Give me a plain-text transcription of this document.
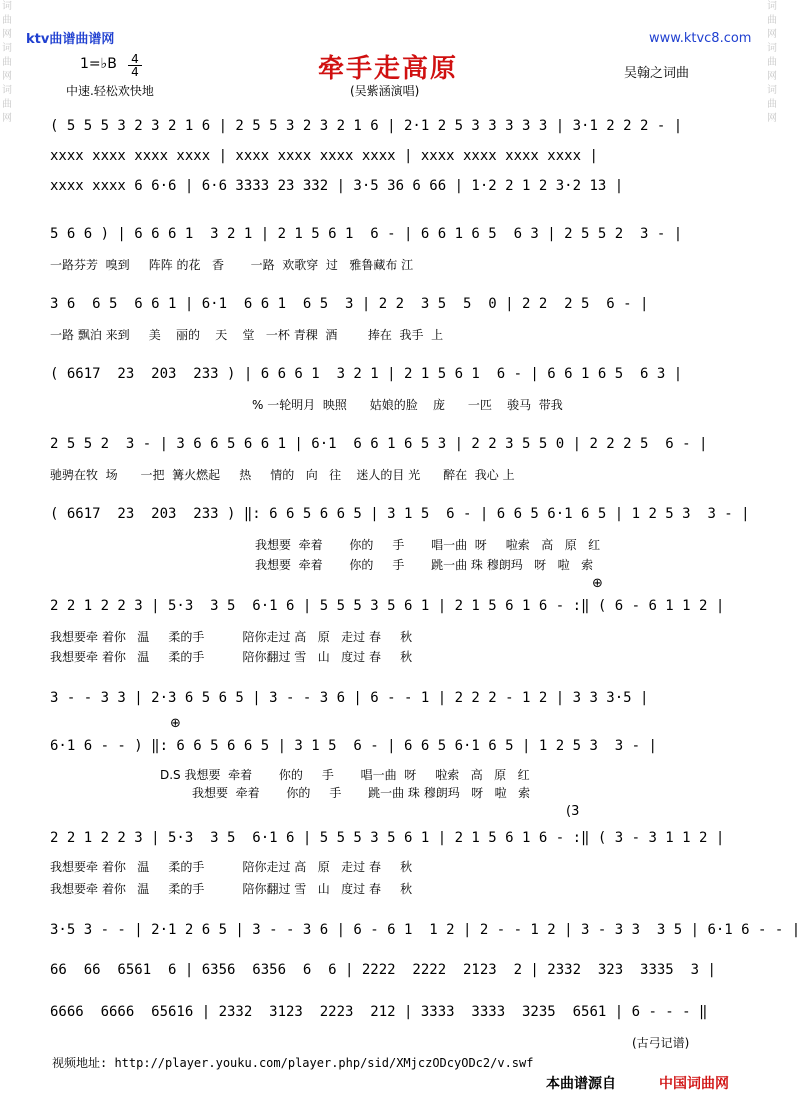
词曲网
词曲网
词曲网
词曲网
词曲网
词曲网
ktv曲谱曲谱网	www.ktvc8.com
牵手走高原
(吴紫涵演唱)
吴翰之词曲
1=♭B 4
4
中速.轻松欢快地
( 5 5 5 3 2 3 2 1 6 | 2 5 5 3 2 3 2 1 6 | 2·1 2 5 3 3 3 3 3 | 3·1 2 2 2 - |
xxxx xxxx xxxx xxxx | xxxx xxxx xxxx xxxx | xxxx xxxx xxxx xxxx |
xxxx xxxx 6 6·6 | 6·6 3333 23 332 | 3·5 36 6 66 | 1·2 2 1 2 3·2 13 |
5 6 6 ) | 6 6 6 1  3 2 1 | 2 1 5 6 1  6 - | 6 6 1 6 5  6 3 | 2 5 5 2  3 - |
3 6  6 5  6 6 1 | 6·1  6 6 1  6 5  3 | 2 2  3 5  5  0 | 2 2  2 5  6 - |
( 6617  23  203  233 ) | 6 6 6 1  3 2 1 | 2 1 5 6 1  6 - | 6 6 1 6 5  6 3 |
2 5 5 2  3 - | 3 6 6 5 6 6 1 | 6·1  6 6 1 6 5 3 | 2 2 3 5 5 0 | 2 2 2 5  6 - |
( 6617  23  203  233 ) ‖: 6 6 5 6 6 5 | 3 1 5  6 - | 6 6 5 6·1 6 5 | 1 2 5 3  3 - |
2 2 1 2 2 3 | 5·3  3 5  6·1 6 | 5 5 5 3 5 6 1 | 2 1 5 6 1 6 - :‖ ( 6 - 6 1 1 2 |
3 - - 3 3 | 2·3 6 5 6 5 | 3 - - 3 6 | 6 - - 1 | 2 2 2 - 1 2 | 3 3 3·5 |
6·1 6 - - ) ‖: 6 6 5 6 6 5 | 3 1 5  6 - | 6 6 5 6·1 6 5 | 1 2 5 3  3 - |
2 2 1 2 2 3 | 5·3  3 5  6·1 6 | 5 5 5 3 5 6 1 | 2 1 5 6 1 6 - :‖ ( 3 - 3 1 1 2 |
3·5 3 - - | 2·1 2 6 5 | 3 - - 3 6 | 6 - 6 1  1 2 | 2 - - 1 2 | 3 - 3 3  3 5 | 6·1 6 - - |
66  66  6561  6 | 6356  6356  6  6 | 2222  2222  2123  2 | 2332  323  3335  3 |
6666  6666  65616 | 2332  3123  2223  212 | 3333  3333  3235  6561 | 6 - - - ‖
一路芬芳  嗅到     阵阵 的花   香       一路  欢歌穿  过   雅鲁藏布 江
一路 飘泊 来到     美    丽的    天    堂   一杯 青稞  酒        捧在  我手  上
% 一轮明月  映照      姑娘的脸    庞      一匹    骏马  带我
驰骋在牧  场      一把  篝火燃起     热     情的   向   往    迷人的目 光      醉在  我心 上
我想要  牵着       你的     手       唱一曲  呀     啦索   高   原   红
我想要  牵着       你的     手       跳一曲 珠 穆朗玛   呀   啦   索
我想要牵 着你   温     柔的手          陪你走过 高   原   走过 春     秋
我想要牵 着你   温     柔的手          陪你翻过 雪   山   度过 春     秋
D.S 我想要  牵着       你的     手       唱一曲  呀     啦索   高   原   红
我想要  牵着       你的     手       跳一曲 珠 穆朗玛   呀   啦   索
我想要牵 着你   温     柔的手          陪你走过 高   原   走过 春     秋
我想要牵 着你   温     柔的手          陪你翻过 雪   山   度过 春     秋
⊕
⊕
(3
(古弓记谱)
视频地址: http://player.youku.com/player.php/sid/XMjczODcyODc2/v.swf
本曲谱源自	中国词曲网
